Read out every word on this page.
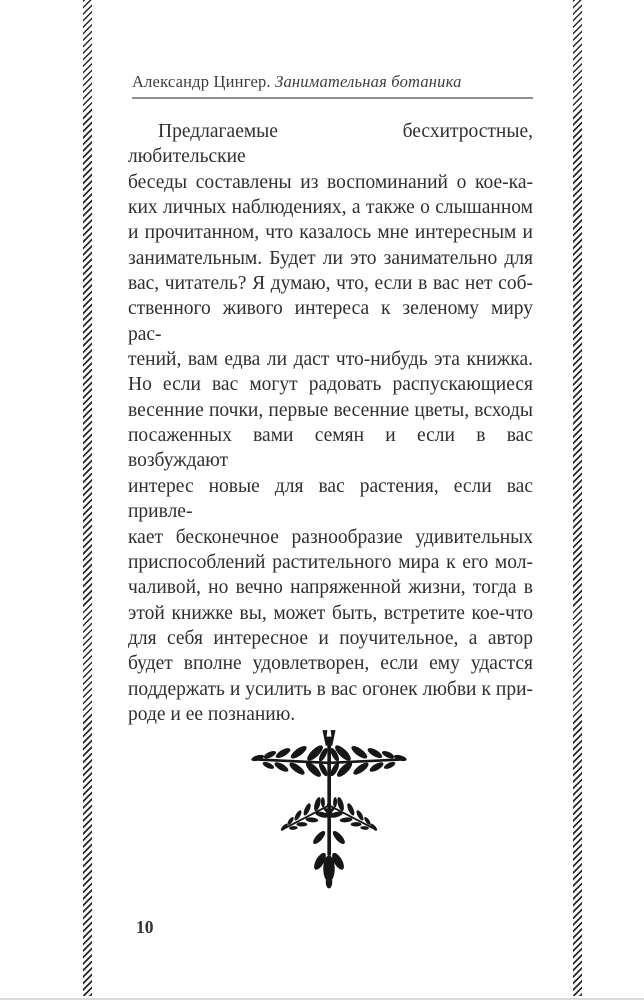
Александр Цингер. Занимательная ботаника
Предлагаемые бесхитростные, любительские
беседы составлены из воспоминаний о кое-ка-
ких личных наблюдениях, а также о слышанном
и прочитанном, что казалось мне интересным и
занимательным. Будет ли это занимательно для
вас, читатель? Я думаю, что, если в вас нет соб-
ственного живого интереса к зеленому миру рас-
тений, вам едва ли даст что-нибудь эта книжка.
Но если вас могут радовать распускающиеся
весенние почки, первые весенние цветы, всходы
посаженных вами семян и если в вас возбуждают
интерес новые для вас растения, если вас привле-
кает бесконечное разнообразие удивительных
приспособлений растительного мира к его мол-
чаливой, но вечно напряженной жизни, тогда в
этой книжке вы, может быть, встретите кое-что
для себя интересное и поучительное, а автор
будет вполне удовлетворен, если ему удастся
поддержать и усилить в вас огонек любви к при-
роде и ее познанию.
10
